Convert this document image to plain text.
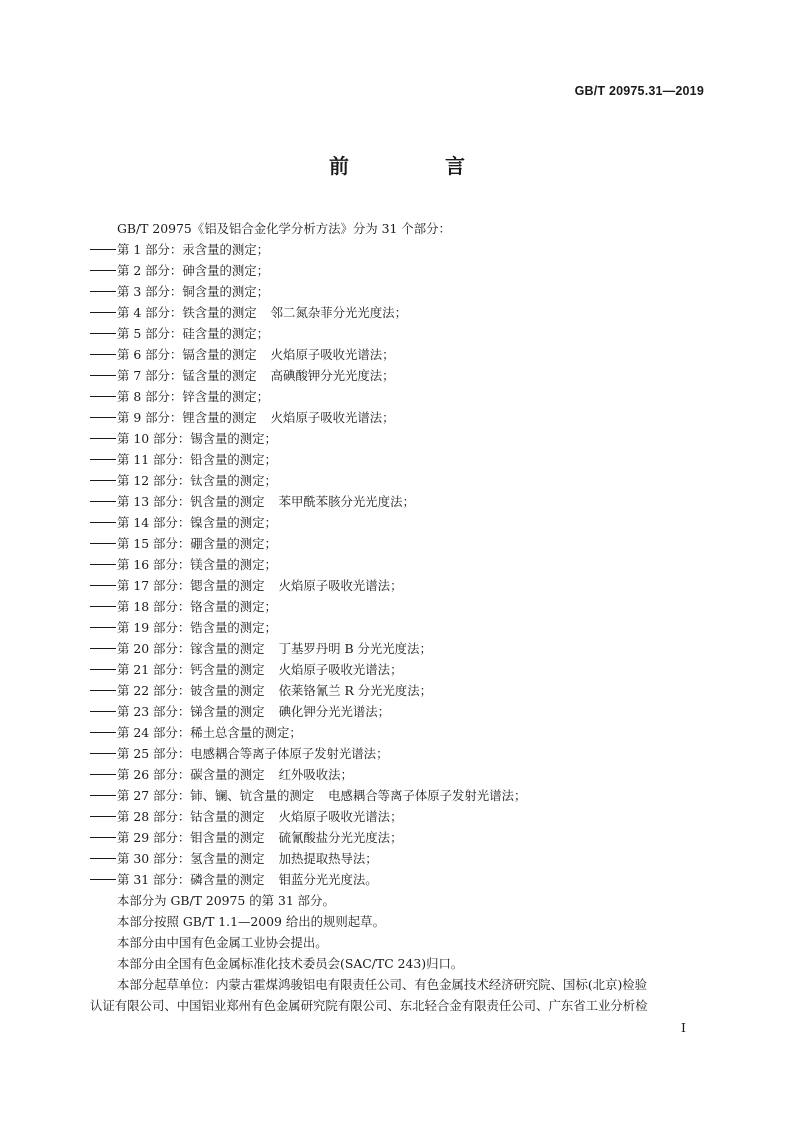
GB/T 20975.31—2019
前　言
GB/T 20975《铝及铝合金化学分析方法》分为 31 个部分：
第 1 部分：汞含量的测定；
第 2 部分：砷含量的测定；
第 3 部分：铜含量的测定；
第 4 部分：铁含量的测定 邻二氮杂菲分光光度法；
第 5 部分：硅含量的测定；
第 6 部分：镉含量的测定 火焰原子吸收光谱法；
第 7 部分：锰含量的测定 高碘酸钾分光光度法；
第 8 部分：锌含量的测定；
第 9 部分：锂含量的测定 火焰原子吸收光谱法；
第 10 部分：锡含量的测定；
第 11 部分：铅含量的测定；
第 12 部分：钛含量的测定；
第 13 部分：钒含量的测定 苯甲酰苯胲分光光度法；
第 14 部分：镍含量的测定；
第 15 部分：硼含量的测定；
第 16 部分：镁含量的测定；
第 17 部分：锶含量的测定 火焰原子吸收光谱法；
第 18 部分：铬含量的测定；
第 19 部分：锆含量的测定；
第 20 部分：镓含量的测定 丁基罗丹明 B 分光光度法；
第 21 部分：钙含量的测定 火焰原子吸收光谱法；
第 22 部分：铍含量的测定 依莱铬氰兰 R 分光光度法；
第 23 部分：锑含量的测定 碘化钾分光光谱法；
第 24 部分：稀土总含量的测定；
第 25 部分：电感耦合等离子体原子发射光谱法；
第 26 部分：碳含量的测定 红外吸收法；
第 27 部分：铈、镧、钪含量的测定 电感耦合等离子体原子发射光谱法；
第 28 部分：钴含量的测定 火焰原子吸收光谱法；
第 29 部分：钼含量的测定 硫氰酸盐分光光度法；
第 30 部分：氢含量的测定 加热提取热导法；
第 31 部分：磷含量的测定 钼蓝分光光度法。
本部分为 GB/T 20975 的第 31 部分。
本部分按照 GB/T 1.1—2009 给出的规则起草。
本部分由中国有色金属工业协会提出。
本部分由全国有色金属标准化技术委员会(SAC/TC 243)归口。
本部分起草单位：内蒙古霍煤鸿骏铝电有限责任公司、有色金属技术经济研究院、国标(北京)检验
认证有限公司、中国铝业郑州有色金属研究院有限公司、东北轻合金有限责任公司、广东省工业分析检
I
